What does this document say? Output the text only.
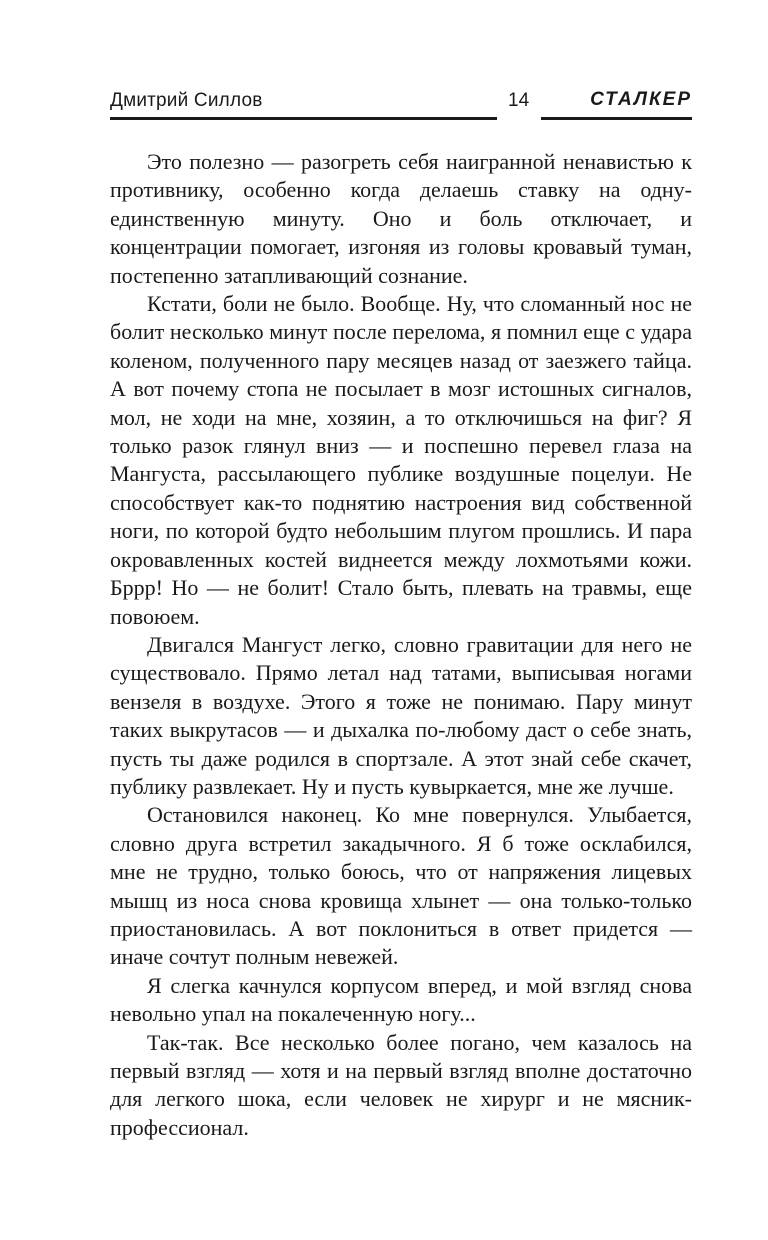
Дмитрий Силлов	14	СТАЛКЕР

Это полезно — разогреть себя наигранной ненавистью к противнику, особенно когда делаешь ставку на одну-единственную минуту. Оно и боль отключает, и концентрации помогает, изгоняя из головы кровавый туман, постепенно затапливающий сознание.

Кстати, боли не было. Вообще. Ну, что сломанный нос не болит несколько минут после перелома, я помнил еще с удара коленом, полученного пару месяцев назад от заезжего тайца. А вот почему стопа не посылает в мозг истошных сигналов, мол, не ходи на мне, хозяин, а то отключишься на фиг? Я только разок глянул вниз — и поспешно перевел глаза на Мангуста, рассылающего публике воздушные поцелуи. Не способствует как-то поднятию настроения вид собственной ноги, по которой будто небольшим плугом прошлись. И пара окровавленных костей виднеется между лохмотьями кожи. Бррр! Но — не болит! Стало быть, плевать на травмы, еще повоюем.

Двигался Мангуст легко, словно гравитации для него не существовало. Прямо летал над татами, выписывая ногами вензеля в воздухе. Этого я тоже не понимаю. Пару минут таких выкрутасов — и дыхалка по-любому даст о себе знать, пусть ты даже родился в спортзале. А этот знай себе скачет, публику развлекает. Ну и пусть кувыркается, мне же лучше.

Остановился наконец. Ко мне повернулся. Улыбается, словно друга встретил закадычного. Я б тоже осклабился, мне не трудно, только боюсь, что от напряжения лицевых мышц из носа снова кровища хлынет — она только-только приостановилась. А вот поклониться в ответ придется — иначе сочтут полным невежей.

Я слегка качнулся корпусом вперед, и мой взгляд снова невольно упал на покалеченную ногу...

Так-так. Все несколько более погано, чем казалось на первый взгляд — хотя и на первый взгляд вполне достаточно для легкого шока, если человек не хирург и не мясник-профессионал.
